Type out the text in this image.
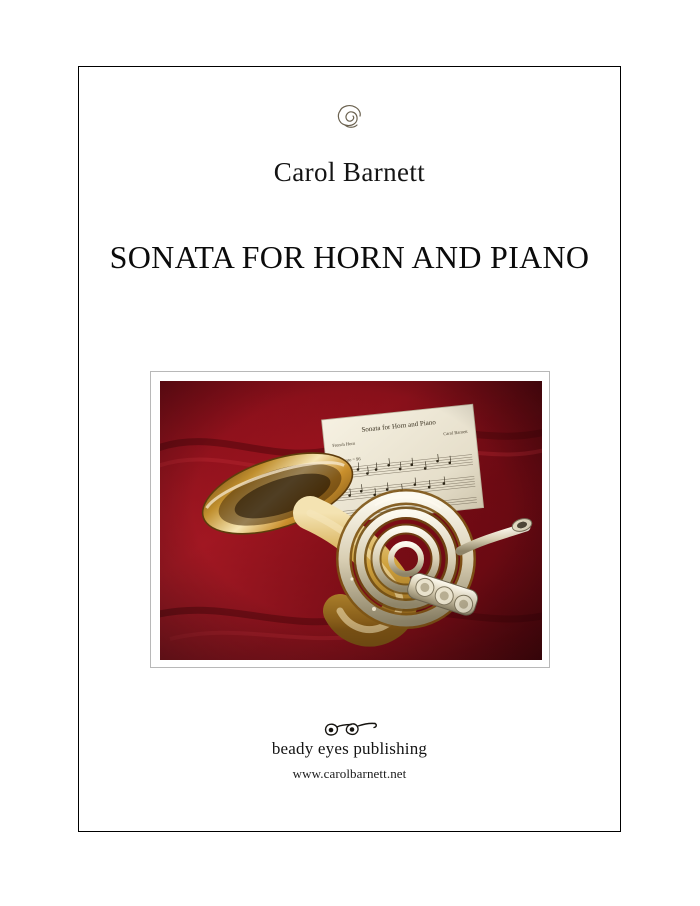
Carol Barnett
SONATA FOR HORN AND PIANO
beady eyes publishing
www.carolbarnett.net
